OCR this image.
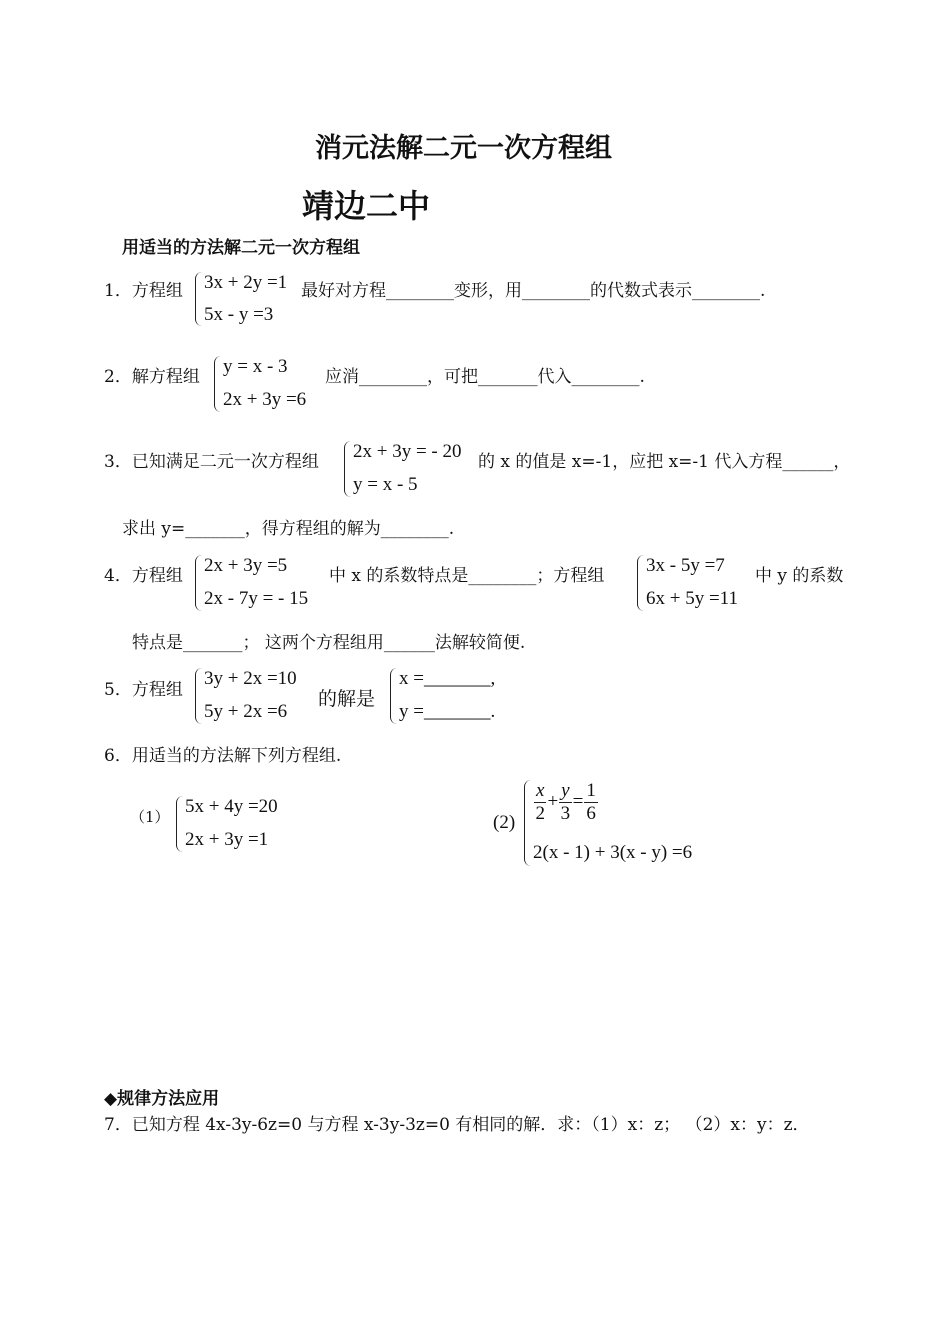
消元法解二元一次方程组
靖边二中
用适当的方法解二元一次方程组
1．方程组 3x + 2y =1
5x - y =3
最好对方程________变形，用________的代数式表示________.
2．解方程组 y = x - 3
2x + 3y =6
应消________，可把_______代入________.
3．已知满足二元一次方程组 2x + 3y = - 20
y = x - 5
的 x 的值是 x=-1，应把 x=-1 代入方程______，
求出 y=_______，得方程组的解为________.
4．方程组 2x + 3y =5
2x - 7y = - 15
中 x 的系数特点是________；方程组 3x - 5y =7
6x + 5y =11
中 y 的系数
特点是_______； 这两个方程组用______法解较简便.
5．方程组
3y + 2x =10
5y + 2x =6
的解是
x =_______,
y =_______.
6．用适当的方法解下列方程组.
（1） 5x + 4y =20
2x + 3y =1
$(2) \frac{x}{2} + \frac{y}{3} = \frac{1}{6}$
2(x - 1) + 3(x - y) =6
◆规律方法应用
7．已知方程 4x-3y-6z=0 与方程 x-3y-3z=0 有相同的解．求：（1）x：z； （2）x：y：z．
